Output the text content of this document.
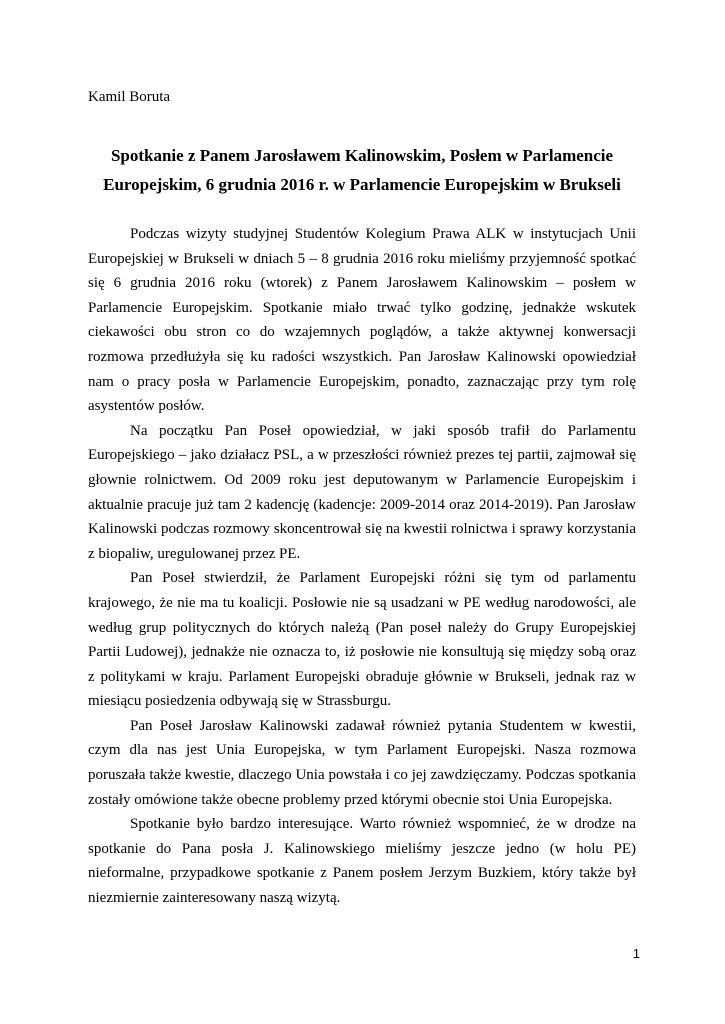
Kamil Boruta
Spotkanie z Panem Jarosławem Kalinowskim, Posłem w Parlamencie Europejskim, 6 grudnia 2016 r. w Parlamencie Europejskim w Brukseli

Podczas wizyty studyjnej Studentów Kolegium Prawa ALK w instytucjach Unii Europejskiej w Brukseli w dniach 5 – 8 grudnia 2016 roku mieliśmy przyjemność spotkać się 6 grudnia 2016 roku (wtorek) z Panem Jarosławem Kalinowskim – posłem w Parlamencie Europejskim. Spotkanie miało trwać tylko godzinę, jednakże wskutek ciekawości obu stron co do wzajemnych poglądów, a także aktywnej konwersacji rozmowa przedłużyła się ku radości wszystkich. Pan Jarosław Kalinowski opowiedział nam o pracy posła w Parlamencie Europejskim, ponadto, zaznaczając przy tym rolę asystentów posłów.

Na początku Pan Poseł opowiedział, w jaki sposób trafił do Parlamentu Europejskiego – jako działacz PSL, a w przeszłości również prezes tej partii, zajmował się głownie rolnictwem. Od 2009 roku jest deputowanym w Parlamencie Europejskim i aktualnie pracuje już tam 2 kadencję (kadencje: 2009-2014 oraz 2014-2019). Pan Jarosław Kalinowski podczas rozmowy skoncentrował się na kwestii rolnictwa i sprawy korzystania z biopaliw, uregulowanej przez PE.

Pan Poseł stwierdził, że Parlament Europejski różni się tym od parlamentu krajowego, że nie ma tu koalicji. Posłowie nie są usadzani w PE według narodowości, ale według grup politycznych do których należą (Pan poseł należy do Grupy Europejskiej Partii Ludowej), jednakże nie oznacza to, iż posłowie nie konsultują się między sobą oraz z politykami w kraju. Parlament Europejski obraduje głównie w Brukseli, jednak raz w miesiącu posiedzenia odbywają się w Strassburgu.

Pan Poseł Jarosław Kalinowski zadawał również pytania Studentem w kwestii, czym dla nas jest Unia Europejska, w tym Parlament Europejski. Nasza rozmowa poruszała także kwestie, dlaczego Unia powstała i co jej zawdzięczamy. Podczas spotkania zostały omówione także obecne problemy przed którymi obecnie stoi Unia Europejska.

Spotkanie było bardzo interesujące. Warto również wspomnieć, że w drodze na spotkanie do Pana posła J. Kalinowskiego mieliśmy jeszcze jedno (w holu PE) nieformalne, przypadkowe spotkanie z Panem posłem Jerzym Buzkiem, który także był niezmiernie zainteresowany naszą wizytą.

1
